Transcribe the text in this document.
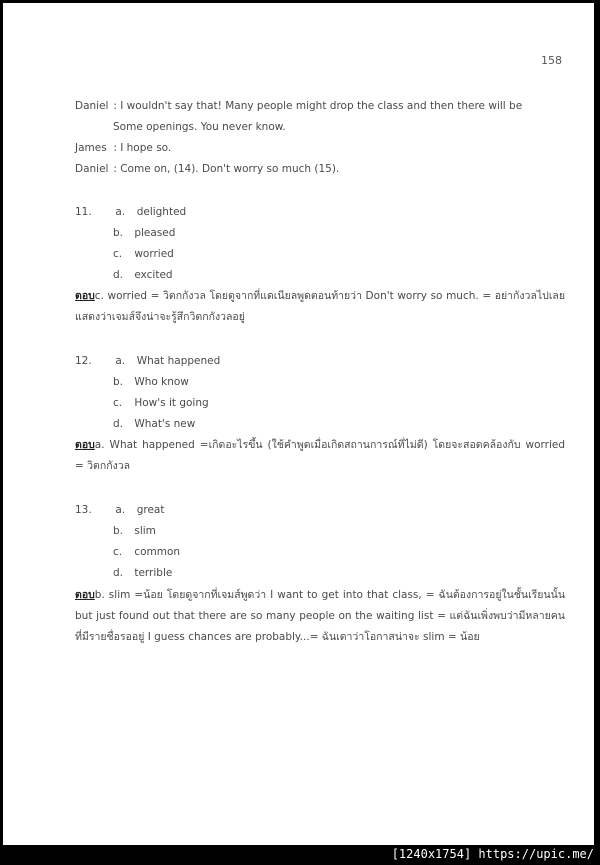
158
Daniel : I wouldn't say that! Many people might drop the class and then there will be
Some openings. You never know.
James : I hope so.
Daniel : Come on, (14). Don't worry so much (15).
11. a. delighted
b. pleased
c. worried
d. excited
ตอบc. worried = วิตกกังวล โดยดูจากที่แดเนียลพูดตอนท้ายว่า Don't worry so much. = อย่ากังวลไปเลย แสดงว่าเจมส์จึงน่าจะรู้สึกวิตกกังวลอยู่
12. a. What happened
b. Who know
c. How's it going
d. What's new
ตอบa. What happened =เกิดอะไรขึ้น (ใช้คำพูดเมื่อเกิดสถานการณ์ที่ไม่ดี) โดยจะสอดคล้องกับ worried = วิตกกังวล
13. a. great
b. slim
c. common
d. terrible
ตอบb. slim =น้อย โดยดูจากที่เจมส์พูดว่า I want to get into that class, = ฉันต้องการอยู่ในชั้นเรียนนั้น but just found out that there are so many people on the waiting list = แต่ฉันเพิ่งพบว่ามีหลายคนที่มีรายชื่อรออยู่ I guess chances are probably...= ฉันเดาว่าโอกาสน่าจะ slim = น้อย
[1240x1754] https://upic.me/
